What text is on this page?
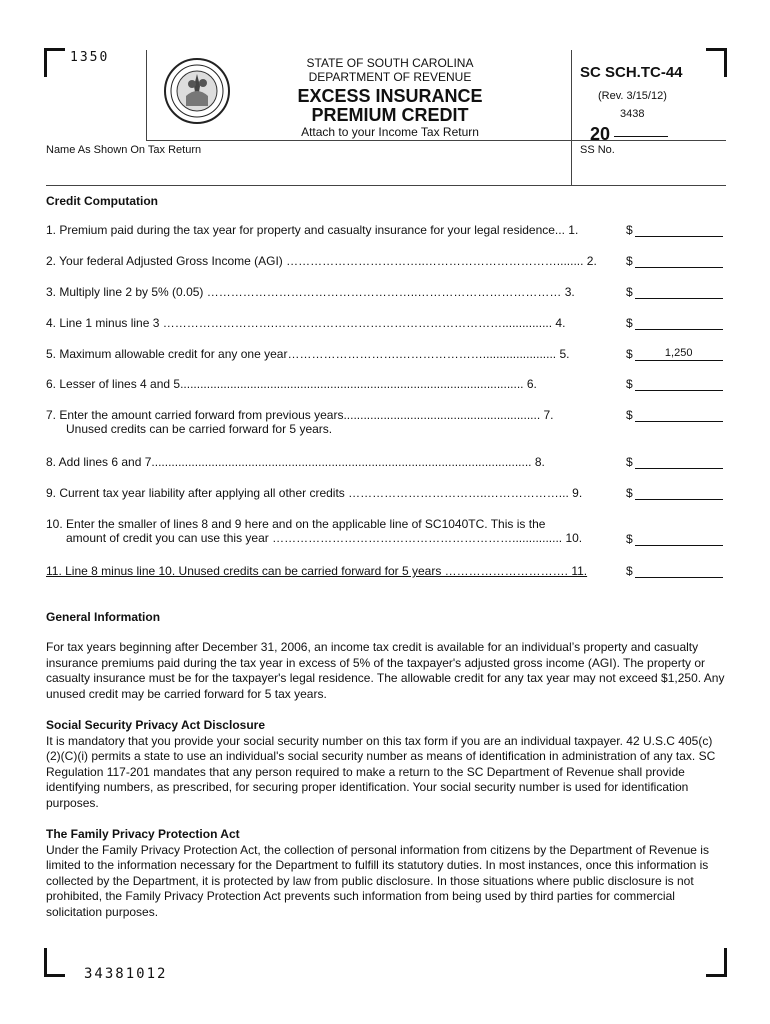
1350	STATE OF SOUTH CAROLINA
DEPARTMENT OF REVENUE
EXCESS INSURANCE
PREMIUM CREDIT
Attach to your Income Tax Return
SC SCH.TC-44
(Rev. 3/15/12)
3438
20
Name As Shown On Tax Return	SS No.
Credit Computation
1. Premium paid during the tax year for property and casualty insurance for your legal residence... 1.	$
2. Your federal Adjusted Gross Income (AGI) ……………………………..……………………………........ 2. $
3. Multiply line 2 by 5% (0.05) ……………………………………………..……………………………… 3.	$
4. Line 1 minus line 3 ……………………….…………………………………………………............... 4.	$
5. Maximum allowable credit for any one year……………………….…………………...................... 5.	$	1,250
6. Lesser of lines 4 and 5....................................................................................................... 6.	$
7. Enter the amount carried forward from previous years........................................................... 7.
Unused credits can be carried forward for 5 years.
$
8. Add lines 6 and 7.................................................................................................................. 8.	$
9. Current tax year liability after applying all other credits ……………………………..………………... 9.	$
10. Enter the smaller of lines 8 and 9 here and on the applicable line of SC1040TC. This is the
amount of credit you can use this year ……………………………………………………............... 10.	$
11. Line 8 minus line 10. Unused credits can be carried forward for 5 years …………………………. 11.	$
General Information
For tax years beginning after December 31, 2006, an income tax credit is available for an individual’s property and casualty insurance premiums paid during the tax year in excess of 5% of the taxpayer's adjusted gross income (AGI). The property or casualty insurance must be for the taxpayer's legal residence. The allowable credit for any tax year may not exceed $1,250. Any unused credit may be carried forward for 5 tax years.
Social Security Privacy Act Disclosure
It is mandatory that you provide your social security number on this tax form if you are an individual taxpayer. 42 U.S.C 405(c)(2)(C)(i) permits a state to use an individual's social security number as means of identification in administration of any tax. SC Regulation 117-201 mandates that any person required to make a return to the SC Department of Revenue shall provide identifying numbers, as prescribed, for securing proper identification. Your social security number is used for identification purposes.
The Family Privacy Protection Act
Under the Family Privacy Protection Act, the collection of personal information from citizens by the Department of Revenue is limited to the information necessary for the Department to fulfill its statutory duties. In most instances, once this information is collected by the Department, it is protected by law from public disclosure. In those situations where public disclosure is not prohibited, the Family Privacy Protection Act prevents such information from being used by third parties for commercial solicitation purposes.
34381012
